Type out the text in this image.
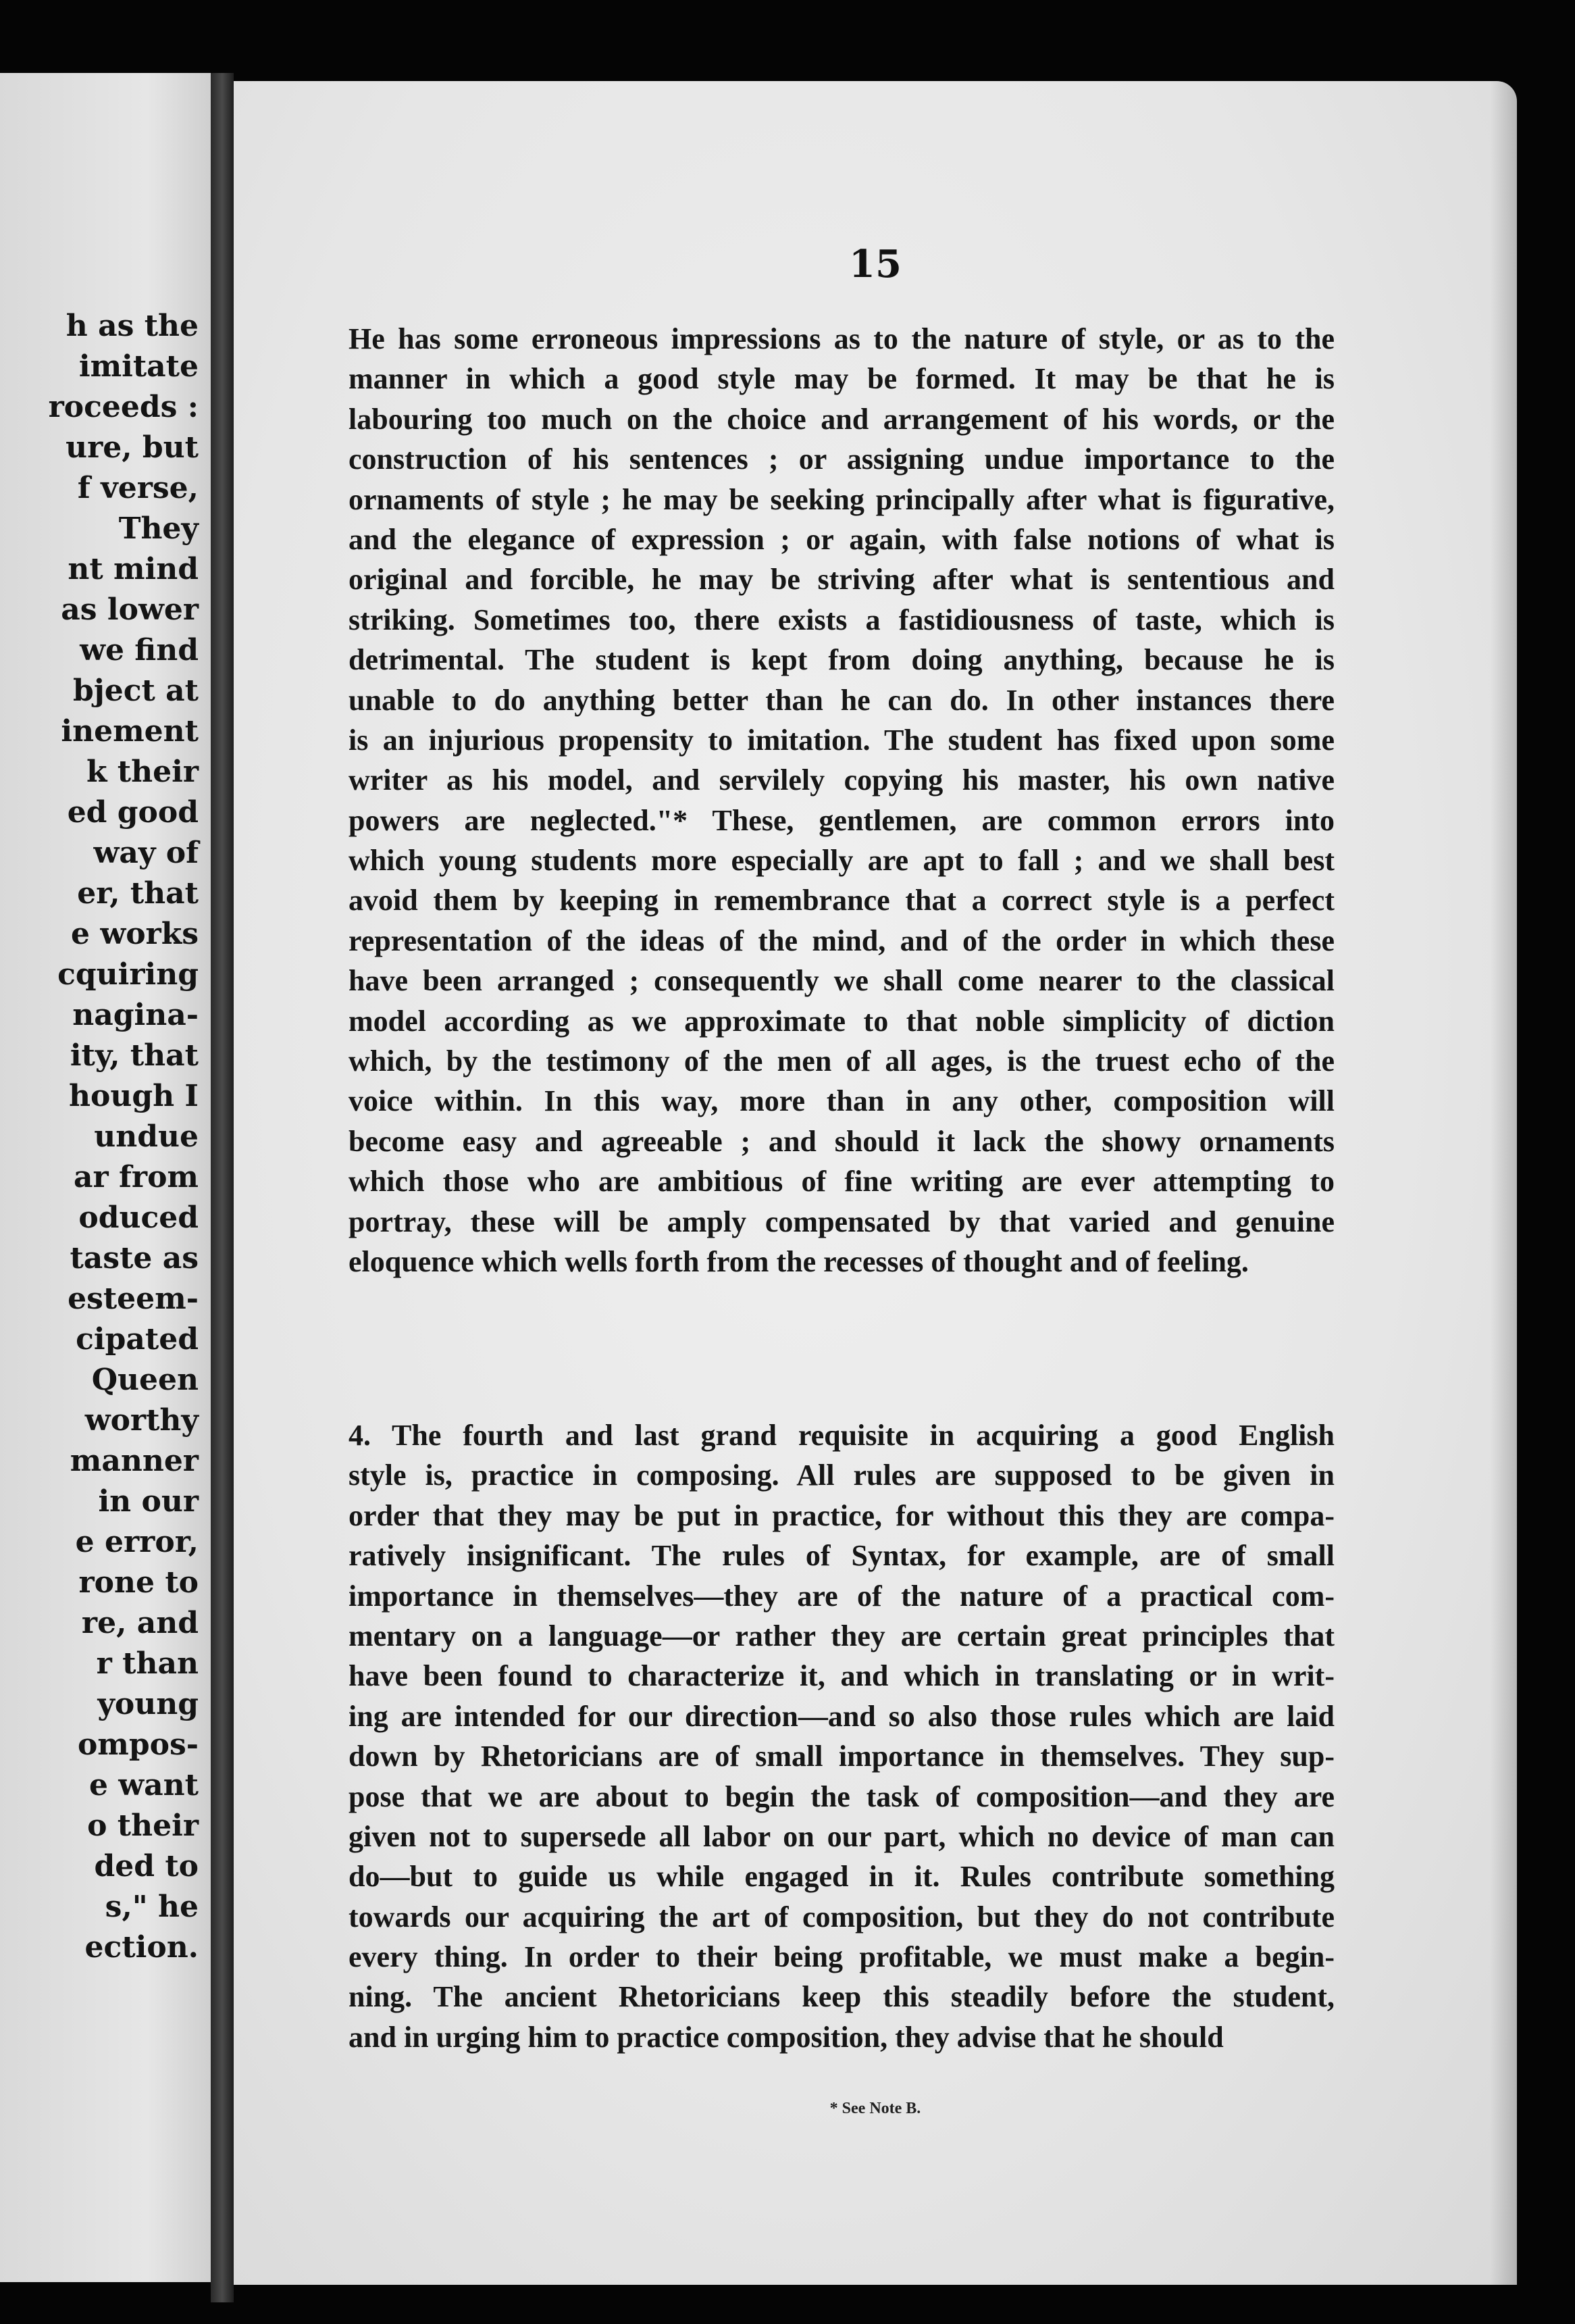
h as the
imitate
roceeds :
ure, but
f verse,
They
nt mind
as lower
we find
bject at
inement
k their
ed good
way of
er, that
e works
cquiring
nagina-
ity, that
hough I
undue
ar from
oduced
taste as
esteem-
cipated
Queen
worthy
manner
in our
e error,
rone to
re, and
r than
young
ompos-
e want
o their
ded to
s," he
ection.
15
He has some erroneous impressions as to the nature of style, or as to the
manner in which a good style may be formed. It may be that he is
labouring too much on the choice and arrangement of his words, or the
construction of his sentences ; or assigning undue importance to the
ornaments of style ; he may be seeking principally after what is figurative,
and the elegance of expression ; or again, with false notions of what is
original and forcible, he may be striving after what is sententious and
striking. Sometimes too, there exists a fastidiousness of taste, which is
detrimental. The student is kept from doing anything, because he is
unable to do anything better than he can do. In other instances there
is an injurious propensity to imitation. The student has fixed upon some
writer as his model, and servilely copying his master, his own native
powers are neglected."* These, gentlemen, are common errors into
which young students more especially are apt to fall ; and we shall best
avoid them by keeping in remembrance that a correct style is a perfect
representation of the ideas of the mind, and of the order in which these
have been arranged ; consequently we shall come nearer to the classical
model according as we approximate to that noble simplicity of diction
which, by the testimony of the men of all ages, is the truest echo of the
voice within. In this way, more than in any other, composition will
become easy and agreeable ; and should it lack the showy ornaments
which those who are ambitious of fine writing are ever attempting to
portray, these will be amply compensated by that varied and genuine
eloquence which wells forth from the recesses of thought and of feeling.
4. The fourth and last grand requisite in acquiring a good English
style is, practice in composing. All rules are supposed to be given in
order that they may be put in practice, for without this they are compa-
ratively insignificant. The rules of Syntax, for example, are of small
importance in themselves—they are of the nature of a practical com-
mentary on a language—or rather they are certain great principles that
have been found to characterize it, and which in translating or in writ-
ing are intended for our direction—and so also those rules which are laid
down by Rhetoricians are of small importance in themselves. They sup-
pose that we are about to begin the task of composition—and they are
given not to supersede all labor on our part, which no device of man can
do—but to guide us while engaged in it. Rules contribute something
towards our acquiring the art of composition, but they do not contribute
every thing. In order to their being profitable, we must make a begin-
ning. The ancient Rhetoricians keep this steadily before the student,
and in urging him to practice composition, they advise that he should
* See Note B.
